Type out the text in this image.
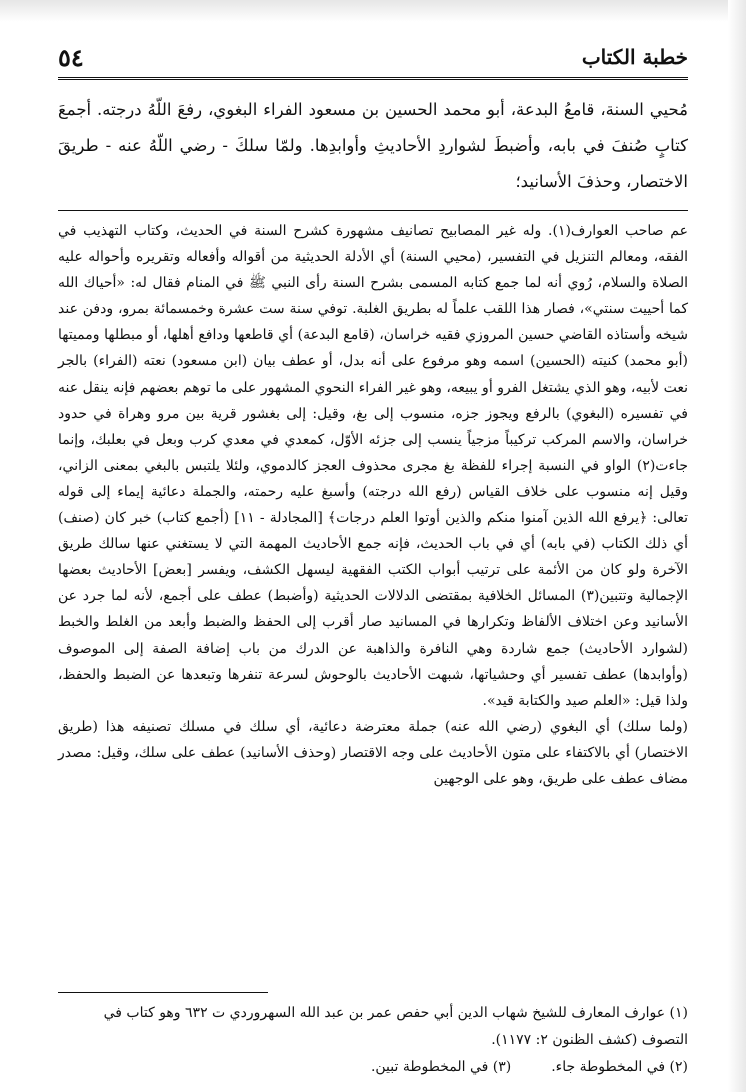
خطبة الكتاب
٥٤

مُحيي السنة، قامعُ البدعة، أبو محمد الحسين بن مسعود الفراء البغوي، رفعَ اللّهُ درجته. أجمعَ كتابٍ صُنفَ في بابه، وأضبطَ لشواردِ الأحاديثِ وأوابدِها. ولمّا سلكَ - رضي اللّهُ عنه - طريقَ الاختصار، وحذفَ الأسانيد؛

عم صاحب العوارف(١). وله غير المصابيح تصانيف مشهورة كشرح السنة في الحديث، وكتاب التهذيب في الفقه، ومعالم التنزيل في التفسير، (محيي السنة) أي الأدلة الحديثية من أقواله وأفعاله وتقريره وأحواله عليه الصلاة والسلام، رُوي أنه لما جمع كتابه المسمى بشرح السنة رأى النبي ﷺ في المنام فقال له: «أحياك الله كما أحييت سنتي»، فصار هذا اللقب علماً له بطريق الغلبة. توفي سنة ست عشرة وخمسمائة بمرو، ودفن عند شيخه وأستاذه القاضي حسين المروزي فقيه خراسان، (قامع البدعة) أي قاطعها ودافع أهلها، أو مبطلها ومميتها (أبو محمد) كنيته (الحسين) اسمه وهو مرفوع على أنه بدل، أو عطف بيان (ابن مسعود) نعته (الفراء) بالجر نعت لأبيه، وهو الذي يشتغل الفرو أو يبيعه، وهو غير الفراء النحوي المشهور على ما توهم بعضهم فإنه ينقل عنه في تفسيره (البغوي) بالرفع ويجوز جزه، منسوب إلى بغ، وقيل: إلى بغشور قرية بين مرو وهراة في حدود خراسان، والاسم المركب تركيباً مزجياً ينسب إلى جزئه الأوّل، كمعدي في معدي كرب وبعل في بعلبك، وإنما جاءت(٢) الواو في النسبة إجراء للفظة بغ مجرى محذوف العجز كالدموي، ولئلا يلتبس بالبغي بمعنى الزاني، وقيل إنه منسوب على خلاف القياس (رفع الله درجته) وأسبغ عليه رحمته، والجملة دعائية إيماء إلى قوله تعالى: ﴿يرفع الله الذين آمنوا منكم والذين أوتوا العلم درجات﴾ [المجادلة - ١١] (أجمع كتاب) خبر كان (صنف) أي ذلك الكتاب (في بابه) أي في باب الحديث، فإنه جمع الأحاديث المهمة التي لا يستغني عنها سالك طريق الآخرة ولو كان من الأئمة على ترتيب أبواب الكتب الفقهية ليسهل الكشف، ويفسر [بعض] الأحاديث بعضها الإجمالية وتتبين(٣) المسائل الخلافية بمقتضى الدلالات الحديثية (وأضبط) عطف على أجمع، لأنه لما جرد عن الأسانيد وعن اختلاف الألفاظ وتكرارها في المسانيد صار أقرب إلى الحفظ والضبط وأبعد من الغلط والخبط (لشوارد الأحاديث) جمع شاردة وهي النافرة والذاهبة عن الدرك من باب إضافة الصفة إلى الموصوف (وأوابدها) عطف تفسير أي وحشياتها، شبهت الأحاديث بالوحوش لسرعة تنفرها وتبعدها عن الضبط والحفظ، ولذا قيل: «العلم صيد والكتابة قيد».

(ولما سلك) أي البغوي (رضي الله عنه) جملة معترضة دعائية، أي سلك في مسلك تصنيفه هذا (طريق الاختصار) أي بالاكتفاء على متون الأحاديث على وجه الاقتصار (وحذف الأسانيد) عطف على سلك، وقيل: مصدر مضاف عطف على طريق، وهو على الوجهين

(١) عوارف المعارف للشيخ شهاب الدين أبي حفص عمر بن عبد الله السهروردي ت ٦٣٢ وهو كتاب في التصوف (كشف الظنون ٢: ١١٧٧).

(٢) في المخطوطة جاء.
(٣) في المخطوطة تبين.
